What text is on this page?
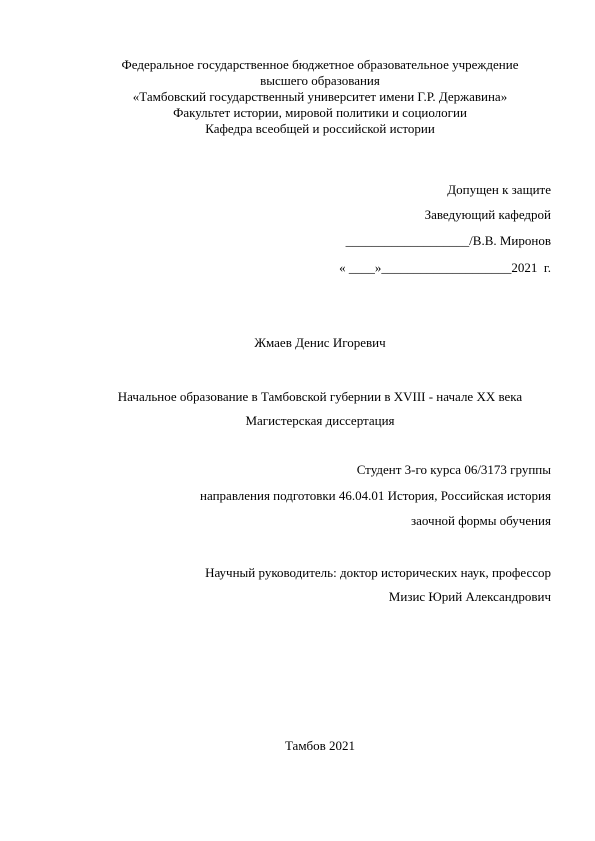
Федеральное государственное бюджетное образовательное учреждение
высшего образования
«Тамбовский государственный университет имени Г.Р. Державина»
Факультет истории, мировой политики и социологии
Кафедра всеобщей и российской истории
Допущен к защите
Заведующий кафедрой
___________________/В.В. Миронов
« ____»____________________2021  г.
Жмаев Денис Игоревич
Начальное образование в Тамбовской губернии в XVIII - начале XX века
Магистерская диссертация
Студент 3-го курса 06/3173 группы
направления подготовки 46.04.01 История, Российская история
заочной формы обучения
Научный руководитель: доктор исторических наук, профессор
Мизис Юрий Александрович
Тамбов 2021
